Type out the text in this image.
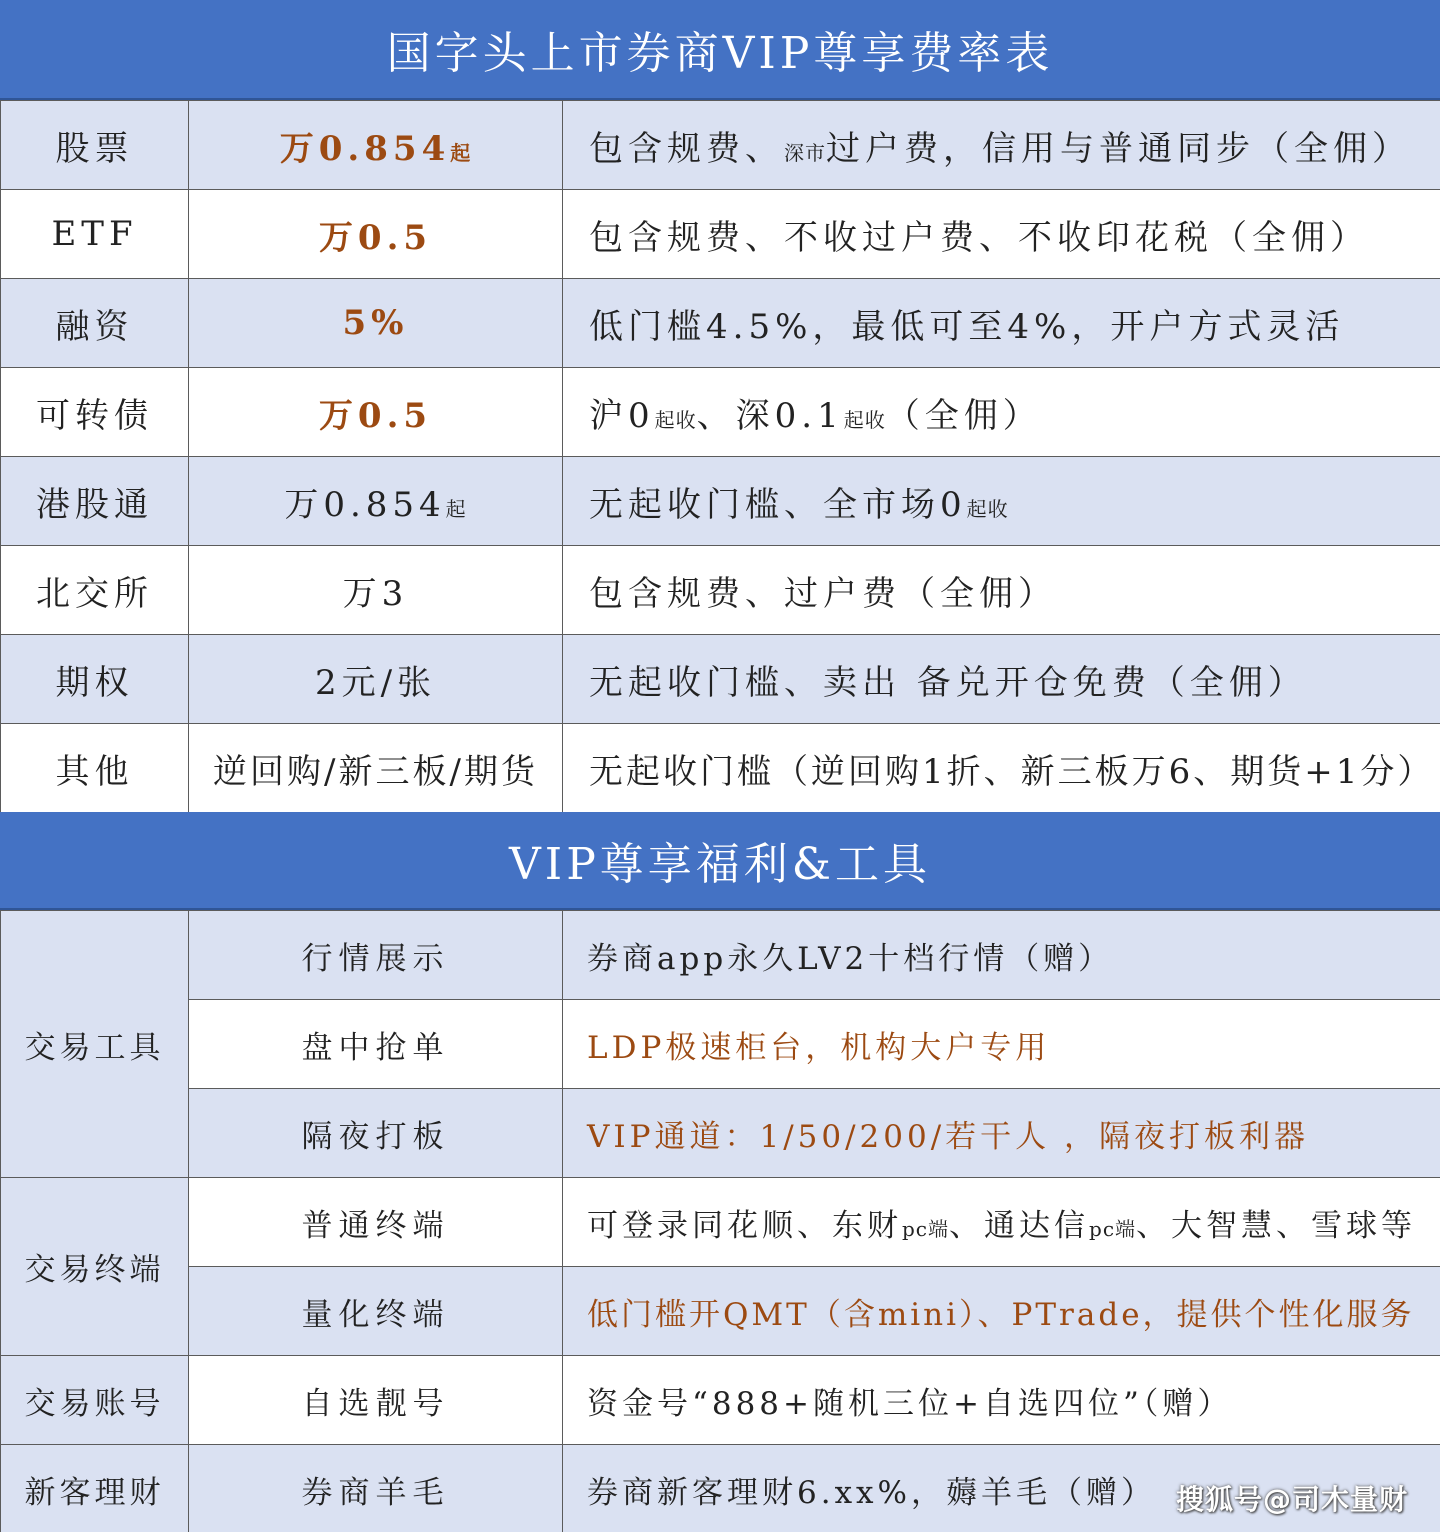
国字头上市券商VIP尊享费率表
股票	万0.854起	包含规费、深市过户费，信用与普通同步（全佣）
ETF	万0.5	包含规费、不收过户费、不收印花税（全佣）
融资	5%	低门槛4.5%，最低可至4%，开户方式灵活
可转债	万0.5	沪0起收、深0.1起收（全佣）
港股通	万0.854起	无起收门槛、全市场0起收
北交所	万3	包含规费、过户费（全佣）
期权	2元/张	无起收门槛、卖出 备兑开仓免费（全佣）
其他	逆回购/新三板/期货	无起收门槛（逆回购1折、新三板万6、期货+1分）
VIP尊享福利&工具
交易工具	行情展示	券商app永久LV2十档行情（赠）
	盘中抢单	LDP极速柜台，机构大户专用
	隔夜打板	VIP通道：1/50/200/若干人 ，隔夜打板利器
交易终端	普通终端	可登录同花顺、东财pc端、通达信pc端、大智慧、雪球等
	量化终端	低门槛开QMT（含mini）、PTrade，提供个性化服务
交易账号	自选靓号	资金号“888+随机三位+自选四位”（赠）
新客理财	券商羊毛	券商新客理财6.xx%，薅羊毛（赠） 搜狐号@司木量财
